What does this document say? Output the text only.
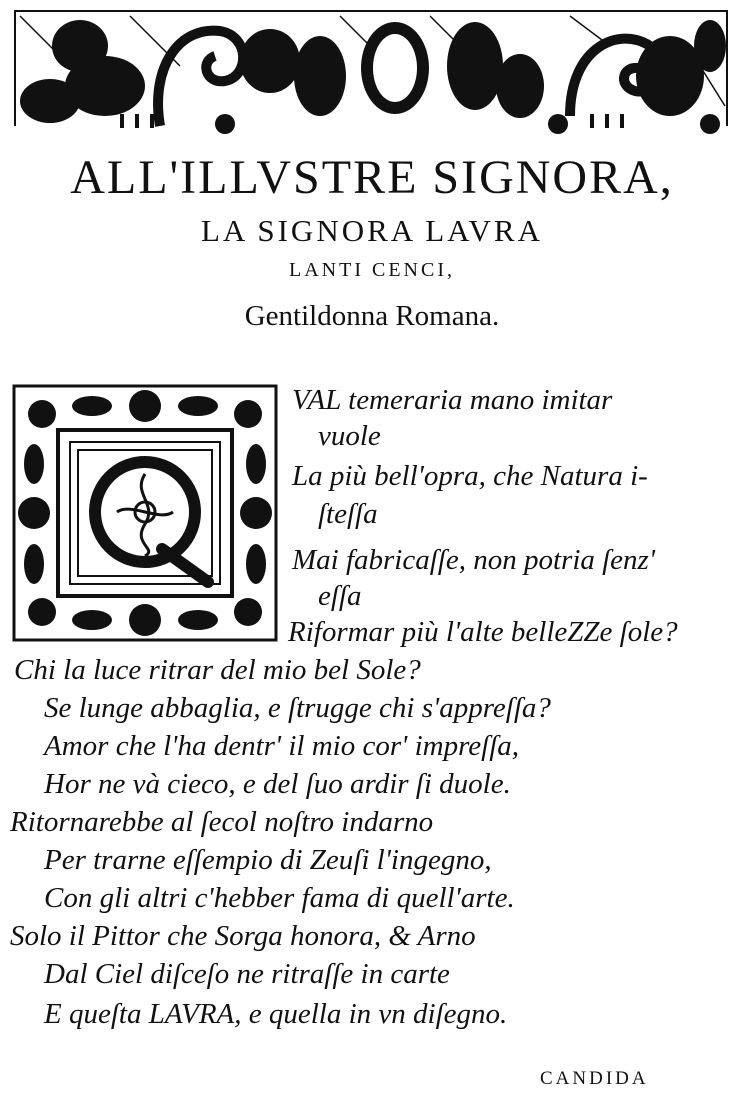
ALL'ILLVSTRE SIGNORA,
LA SIGNORA LAVRA
LANTI CENCI,
Gentildonna Romana.
VAL temeraria mano imitar
vuole
La più bell'opra, che Natura i-
ſteſſa
Mai fabricaſſe, non potria ſenz'
eſſa
Riformar più l'alte belleZZe ſole?
Chi la luce ritrar del mio bel Sole?
Se lunge abbaglia, e ſtrugge chi s'appreſſa?
Amor che l'ha dentr' il mio cor' impreſſa,
Hor ne và cieco, e del ſuo ardir ſi duole.
Ritornarebbe al ſecol noſtro indarno
Per trarne eſſempio di Zeuſi l'ingegno,
Con gli altri c'hebber fama di quell'arte.
Solo il Pittor che Sorga honora, & Arno
Dal Ciel diſceſo ne ritraſſe in carte
E queſta LAVRA, e quella in vn diſegno.
CANDIDA
